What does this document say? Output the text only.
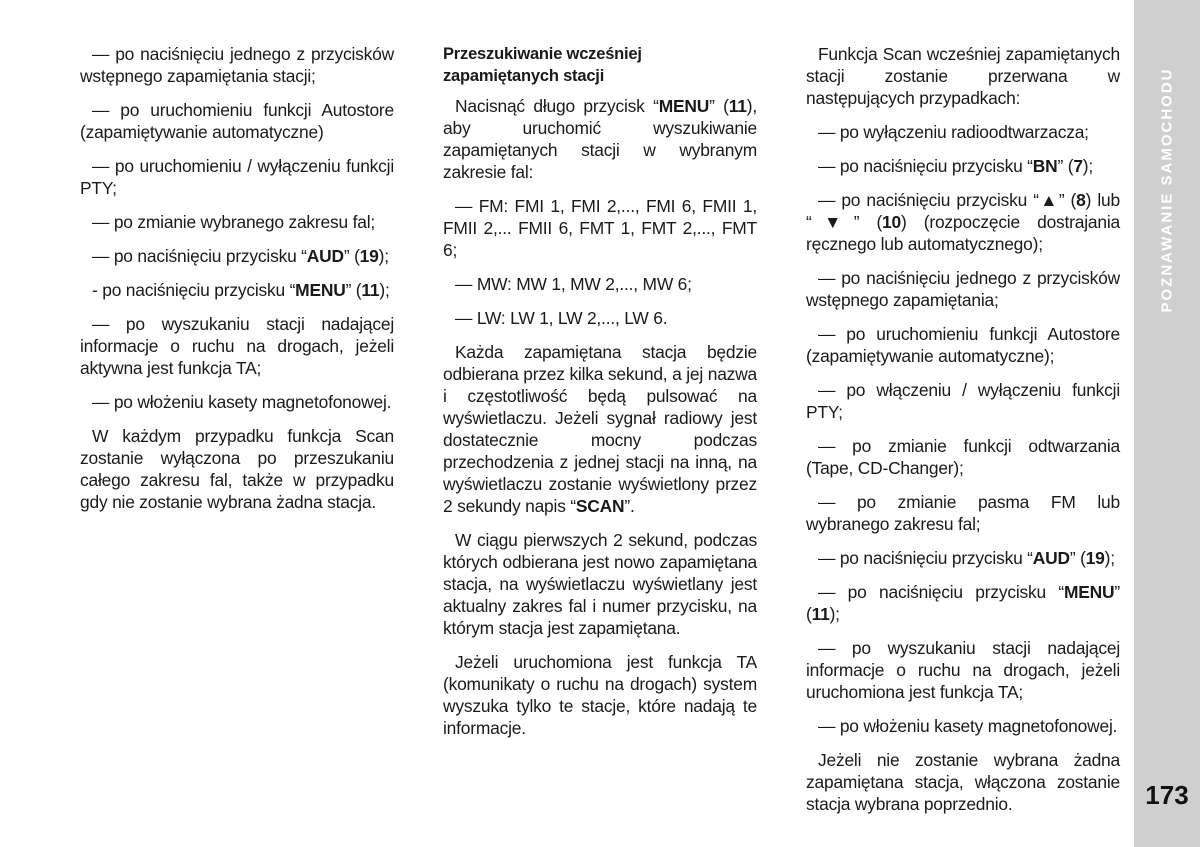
— po naciśnięciu jednego z przycisków wstępnego zapamiętania stacji;

— po uruchomieniu funkcji Autostore (zapamiętywanie automatyczne)

— po uruchomieniu / wyłączeniu funkcji PTY;

— po zmianie wybranego zakresu fal;

— po naciśnięciu przycisku “AUD” (19);

- po naciśnięciu przycisku “MENU” (11);

— po wyszukaniu stacji nadającej informacje o ruchu na drogach, jeżeli aktywna jest funkcja TA;

— po włożeniu kasety magnetofonowej.

W każdym przypadku funkcja Scan zostanie wyłączona po przeszukaniu całego zakresu fal, także w przypadku gdy nie zostanie wybrana żadna stacja.

Przeszukiwanie wcześniej zapamiętanych stacji

Nacisnąć długo przycisk “MENU” (11), aby uruchomić wyszukiwanie zapamiętanych stacji w wybranym zakresie fal:

— FM: FMI 1, FMI 2,..., FMI 6, FMII 1, FMII 2,... FMII 6, FMT 1, FMT 2,..., FMT 6;

— MW: MW 1, MW 2,..., MW 6;

— LW: LW 1, LW 2,..., LW 6.

Każda zapamiętana stacja będzie odbierana przez kilka sekund, a jej nazwa i częstotliwość będą pulsować na wyświetlaczu. Jeżeli sygnał radiowy jest dostatecznie mocny podczas przechodzenia z jednej stacji na inną, na wyświetlaczu zostanie wyświetlony przez 2 sekundy napis “SCAN”.

W ciągu pierwszych 2 sekund, podczas których odbierana jest nowo zapamiętana stacja, na wyświetlaczu wyświetlany jest aktualny zakres fal i numer przycisku, na którym stacja jest zapamiętana.

Jeżeli uruchomiona jest funkcja TA (komunikaty o ruchu na drogach) system wyszuka tylko te stacje, które nadają te informacje.

Funkcja Scan wcześniej zapamiętanych stacji zostanie przerwana w następujących przypadkach:

— po wyłączeniu radioodtwarzacza;

— po naciśnięciu przycisku “BN” (7);

— po naciśnięciu przycisku “▲” (8) lub “▼” (10) (rozpoczęcie dostrajania ręcznego lub automatycznego);

— po naciśnięciu jednego z przycisków wstępnego zapamiętania;

— po uruchomieniu funkcji Autostore (zapamiętywanie automatyczne);

— po włączeniu / wyłączeniu funkcji PTY;

— po zmianie funkcji odtwarzania (Tape, CD-Changer);

— po zmianie pasma FM lub wybranego zakresu fal;

— po naciśnięciu przycisku “AUD” (19);

— po naciśnięciu przycisku “MENU” (11);

— po wyszukaniu stacji nadającej informacje o ruchu na drogach, jeżeli uruchomiona jest funkcja TA;

— po włożeniu kasety magnetofonowej.

Jeżeli nie zostanie wybrana żadna zapamiętana stacja, włączona zostanie stacja wybrana poprzednio.

POZNAWANIE SAMOCHODU
173
